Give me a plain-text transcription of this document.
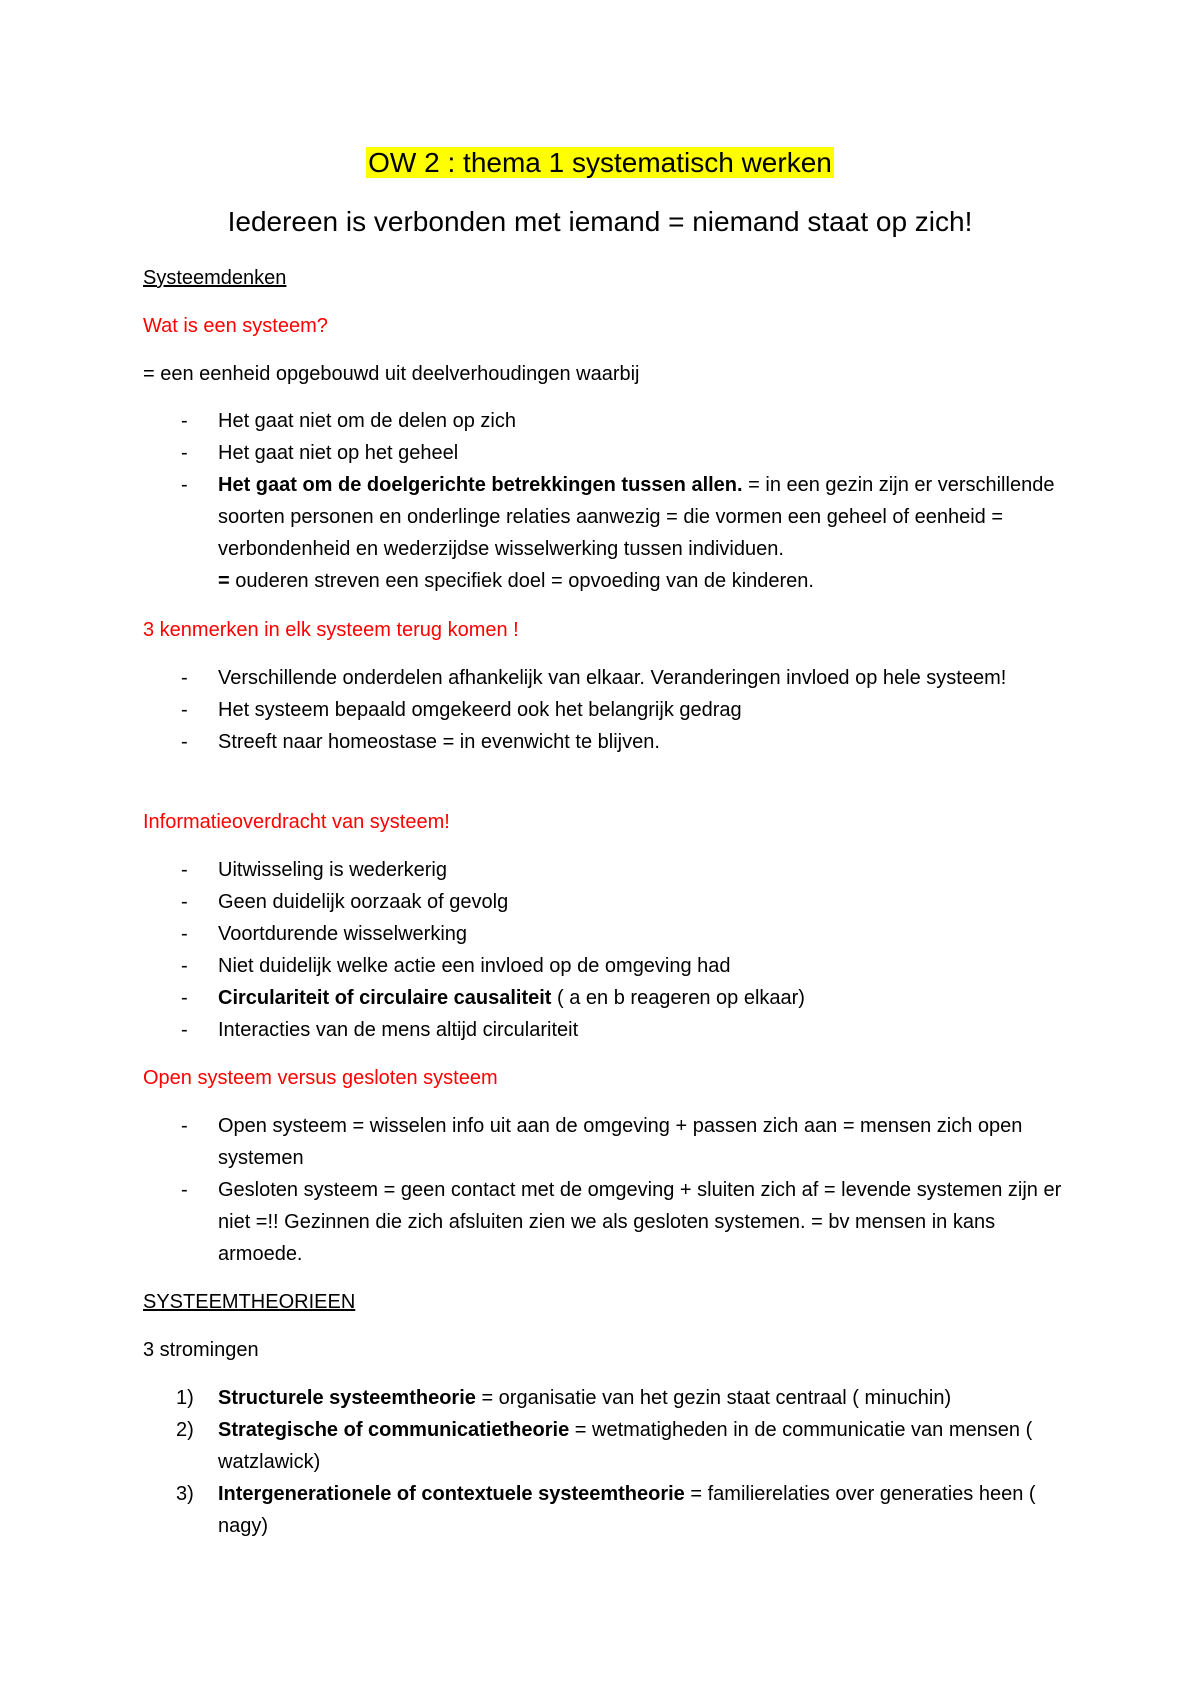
OW 2 : thema 1 systematisch werken
Iedereen is verbonden met iemand = niemand staat op zich!
Systeemdenken
Wat is een systeem?
= een eenheid opgebouwd uit deelverhoudingen waarbij
- Het gaat niet om de delen op zich
- Het gaat niet op het geheel
- Het gaat om de doelgerichte betrekkingen tussen allen. = in een gezin zijn er verschillende soorten personen en onderlinge relaties aanwezig = die vormen een geheel of eenheid = verbondenheid en wederzijdse wisselwerking tussen individuen.
= ouderen streven een specifiek doel = opvoeding van de kinderen.
3 kenmerken in elk systeem terug komen !
- Verschillende onderdelen afhankelijk van elkaar. Veranderingen invloed op hele systeem!
- Het systeem bepaald omgekeerd ook het belangrijk gedrag
- Streeft naar homeostase = in evenwicht te blijven.
Informatieoverdracht van systeem!
- Uitwisseling is wederkerig
- Geen duidelijk oorzaak of gevolg
- Voortdurende wisselwerking
- Niet duidelijk welke actie een invloed op de omgeving had
- Circulariteit of circulaire causaliteit ( a en b reageren op elkaar)
- Interacties van de mens altijd circulariteit
Open systeem versus gesloten systeem
- Open systeem = wisselen info uit aan de omgeving + passen zich aan = mensen zich open systemen
- Gesloten systeem = geen contact met de omgeving + sluiten zich af = levende systemen zijn er niet =!! Gezinnen die zich afsluiten zien we als gesloten systemen. = bv mensen in kans armoede.
SYSTEEMTHEORIEEN
3 stromingen
1) Structurele systeemtheorie = organisatie van het gezin staat centraal ( minuchin)
2) Strategische of communicatietheorie = wetmatigheden in de communicatie van mensen ( watzlawick)
3) Intergenerationele of contextuele systeemtheorie = familierelaties over generaties heen ( nagy)
